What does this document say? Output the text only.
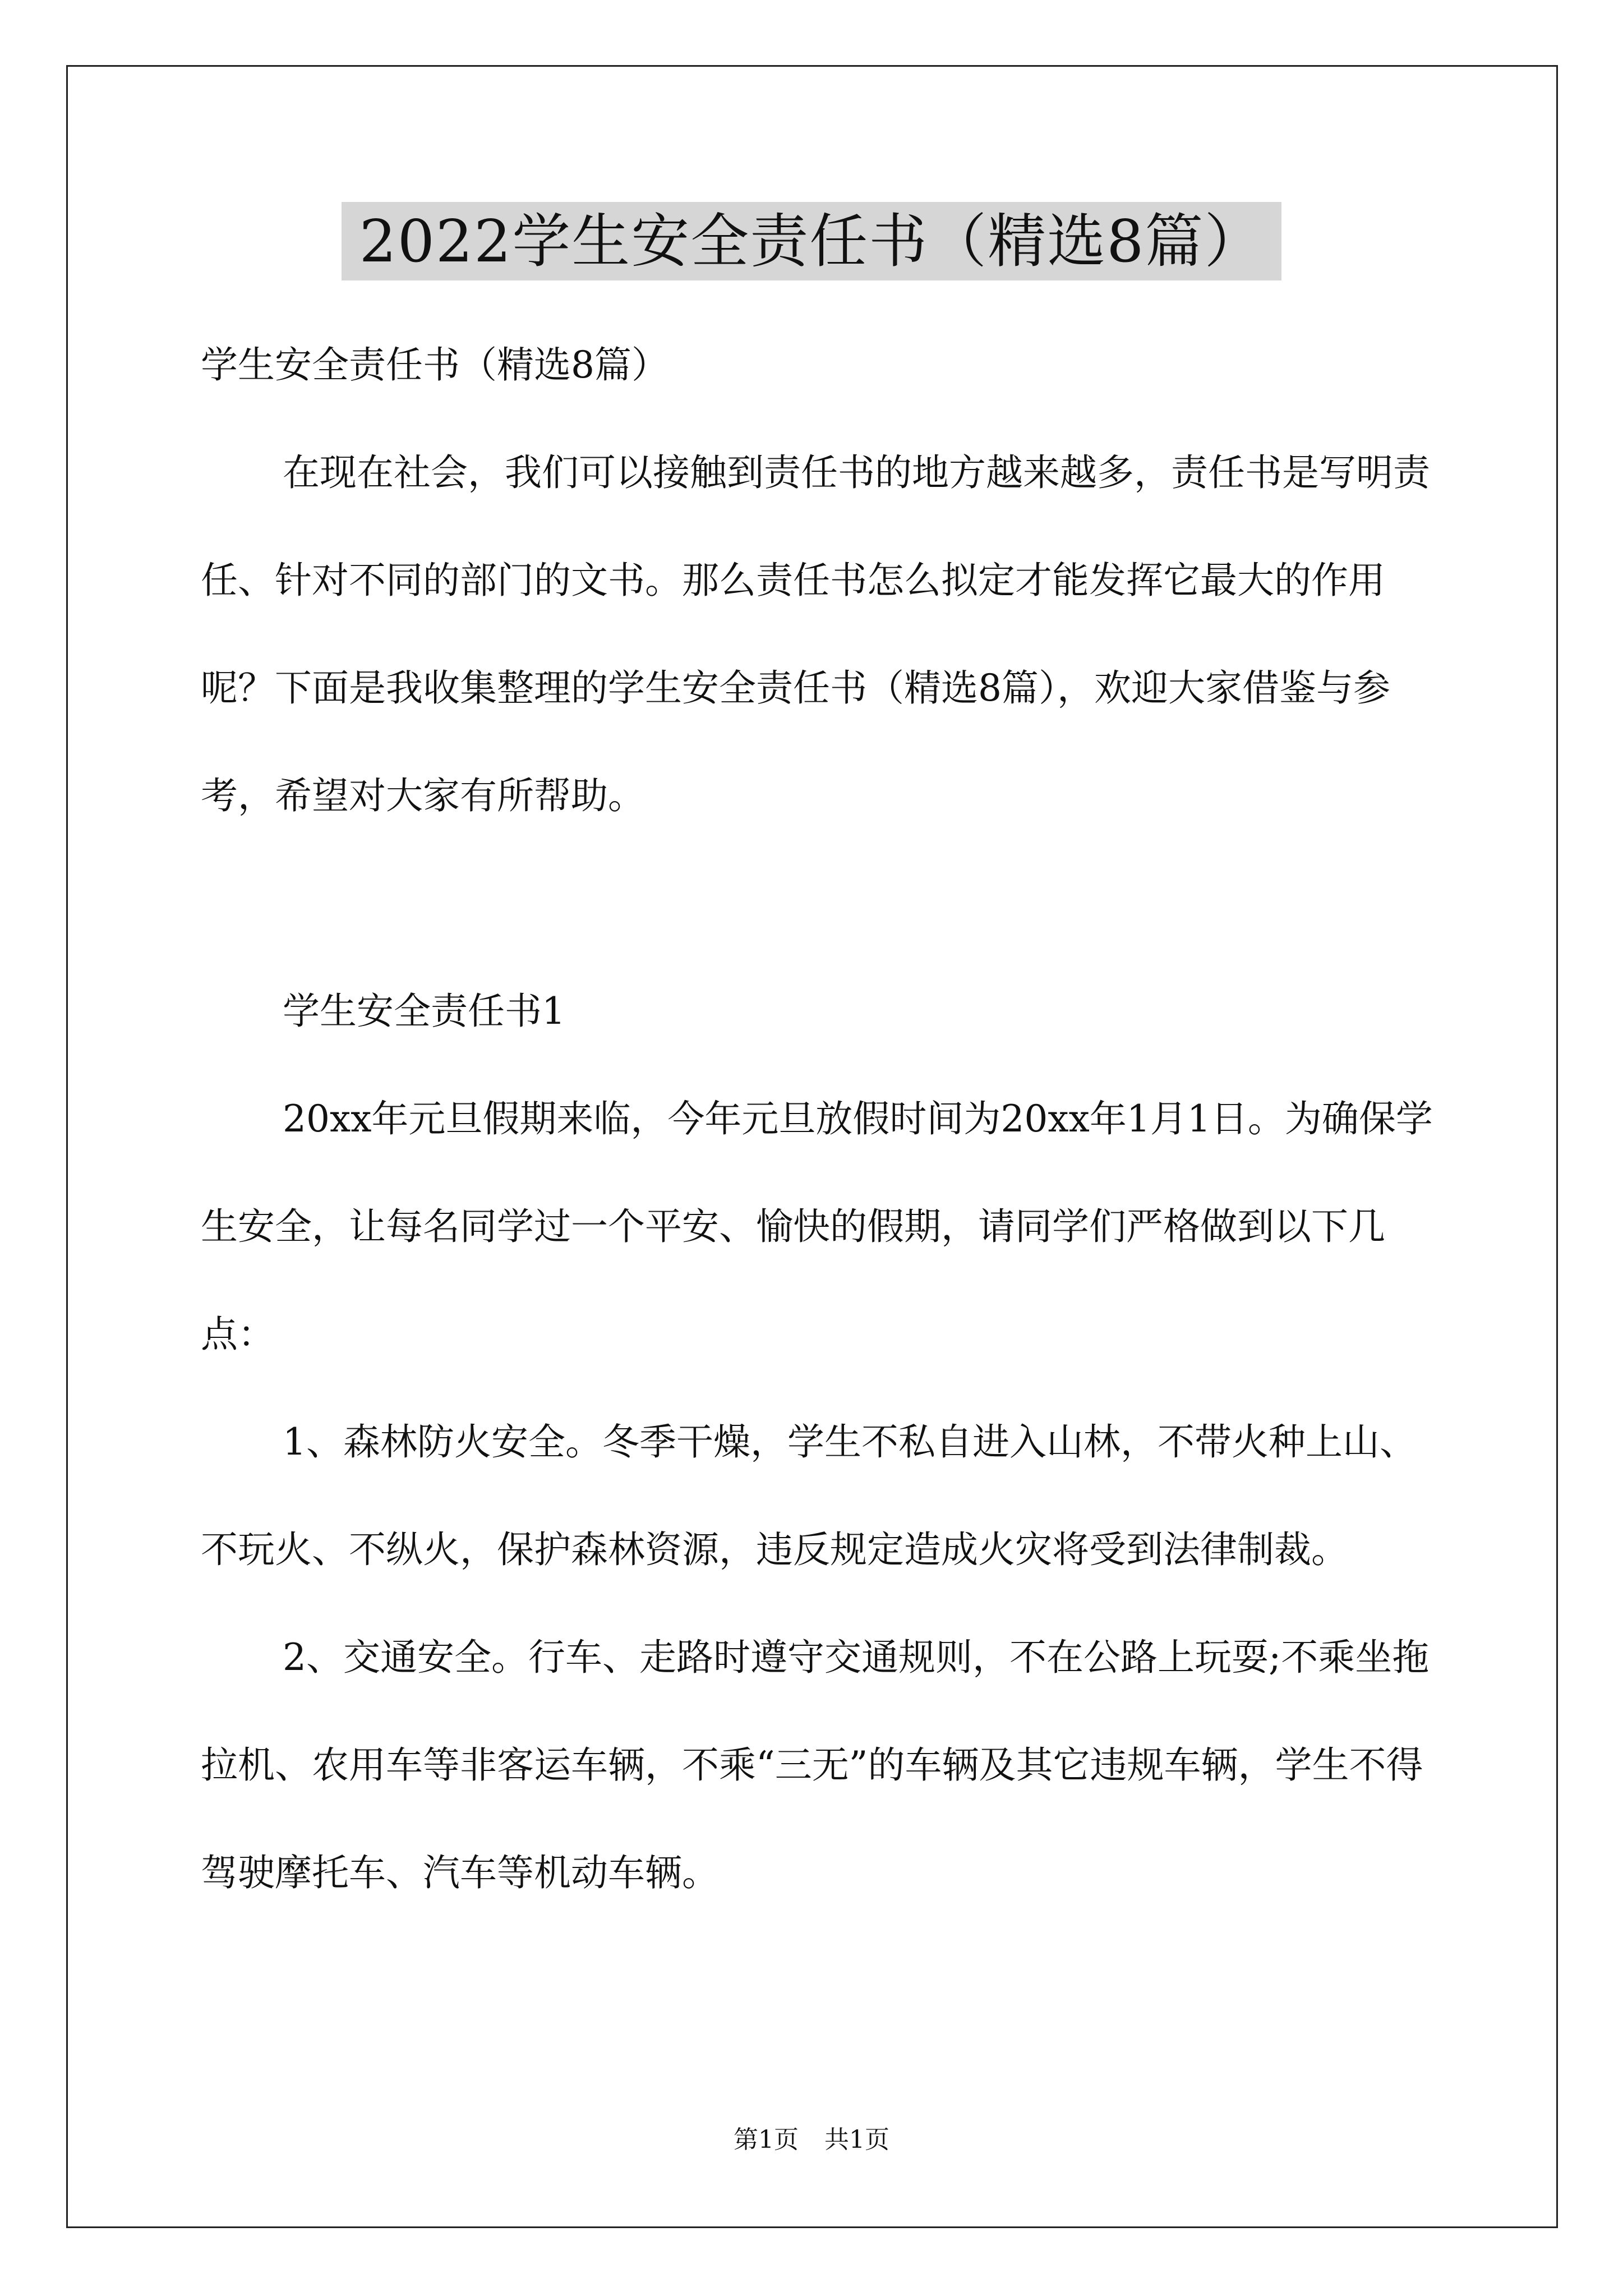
2022学生安全责任书（精选8篇）

学生安全责任书（精选8篇）

在现在社会，我们可以接触到责任书的地方越来越多，责任书是写明责任、针对不同的部门的文书。那么责任书怎么拟定才能发挥它最大的作用呢？下面是我收集整理的学生安全责任书（精选8篇），欢迎大家借鉴与参考，希望对大家有所帮助。

学生安全责任书1

20xx年元旦假期来临，今年元旦放假时间为20xx年1月1日。为确保学生安全，让每名同学过一个平安、愉快的假期，请同学们严格做到以下几点：

1、森林防火安全。冬季干燥，学生不私自进入山林，不带火种上山、不玩火、不纵火，保护森林资源，违反规定造成火灾将受到法律制裁。

2、交通安全。行车、走路时遵守交通规则，不在公路上玩耍;不乘坐拖拉机、农用车等非客运车辆，不乘“三无”的车辆及其它违规车辆，学生不得驾驶摩托车、汽车等机动车辆。

第1页 共1页
